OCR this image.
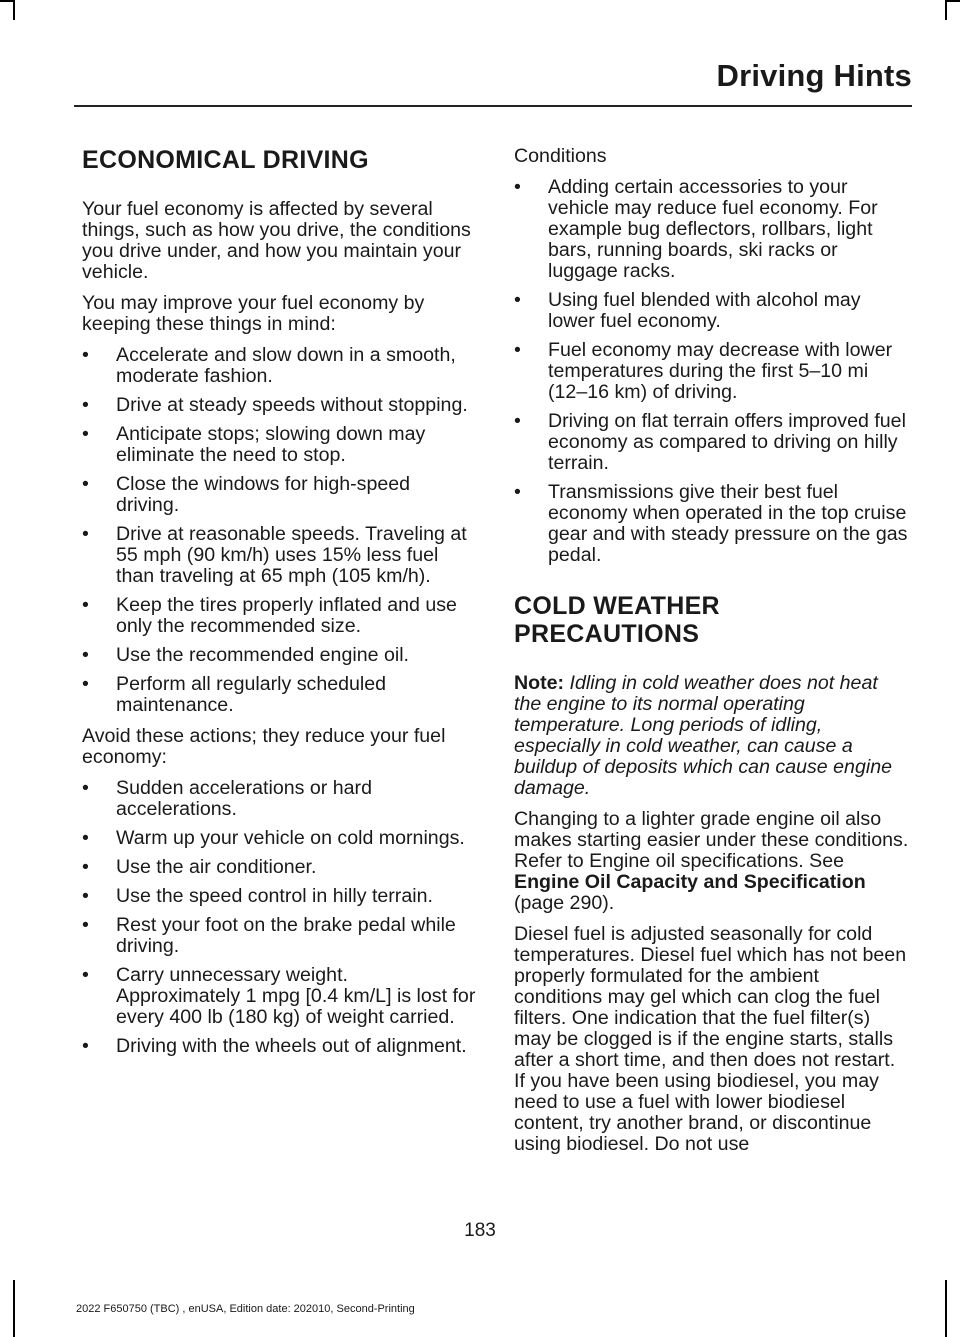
Driving Hints
ECONOMICAL DRIVING

Your fuel economy is affected by several things, such as how you drive, the conditions you drive under, and how you maintain your vehicle.

You may improve your fuel economy by keeping these things in mind:

• Accelerate and slow down in a smooth, moderate fashion.
• Drive at steady speeds without stopping.
• Anticipate stops; slowing down may eliminate the need to stop.
• Close the windows for high-speed driving.
• Drive at reasonable speeds. Traveling at 55 mph (90 km/h) uses 15% less fuel than traveling at 65 mph (105 km/h).
• Keep the tires properly inflated and use only the recommended size.
• Use the recommended engine oil.
• Perform all regularly scheduled maintenance.

Avoid these actions; they reduce your fuel economy:

• Sudden accelerations or hard accelerations.
• Warm up your vehicle on cold mornings.
• Use the air conditioner.
• Use the speed control in hilly terrain.
• Rest your foot on the brake pedal while driving.
• Carry unnecessary weight. Approximately 1 mpg [0.4 km/L] is lost for every 400 lb (180 kg) of weight carried.
• Driving with the wheels out of alignment.

Conditions

• Adding certain accessories to your vehicle may reduce fuel economy. For example bug deflectors, rollbars, light bars, running boards, ski racks or luggage racks.
• Using fuel blended with alcohol may lower fuel economy.
• Fuel economy may decrease with lower temperatures during the first 5–10 mi (12–16 km) of driving.
• Driving on flat terrain offers improved fuel economy as compared to driving on hilly terrain.
• Transmissions give their best fuel economy when operated in the top cruise gear and with steady pressure on the gas pedal.
COLD WEATHER
PRECAUTIONS

Note: Idling in cold weather does not heat the engine to its normal operating temperature. Long periods of idling, especially in cold weather, can cause a buildup of deposits which can cause engine damage.

Changing to a lighter grade engine oil also makes starting easier under these conditions. Refer to Engine oil specifications. See Engine Oil Capacity and Specification (page 290).

Diesel fuel is adjusted seasonally for cold temperatures. Diesel fuel which has not been properly formulated for the ambient conditions may gel which can clog the fuel filters. One indication that the fuel filter(s) may be clogged is if the engine starts, stalls after a short time, and then does not restart. If you have been using biodiesel, you may need to use a fuel with lower biodiesel content, try another brand, or discontinue using biodiesel. Do not use

183
2022 F650750 (TBC) , enUSA, Edition date: 202010, Second-Printing
